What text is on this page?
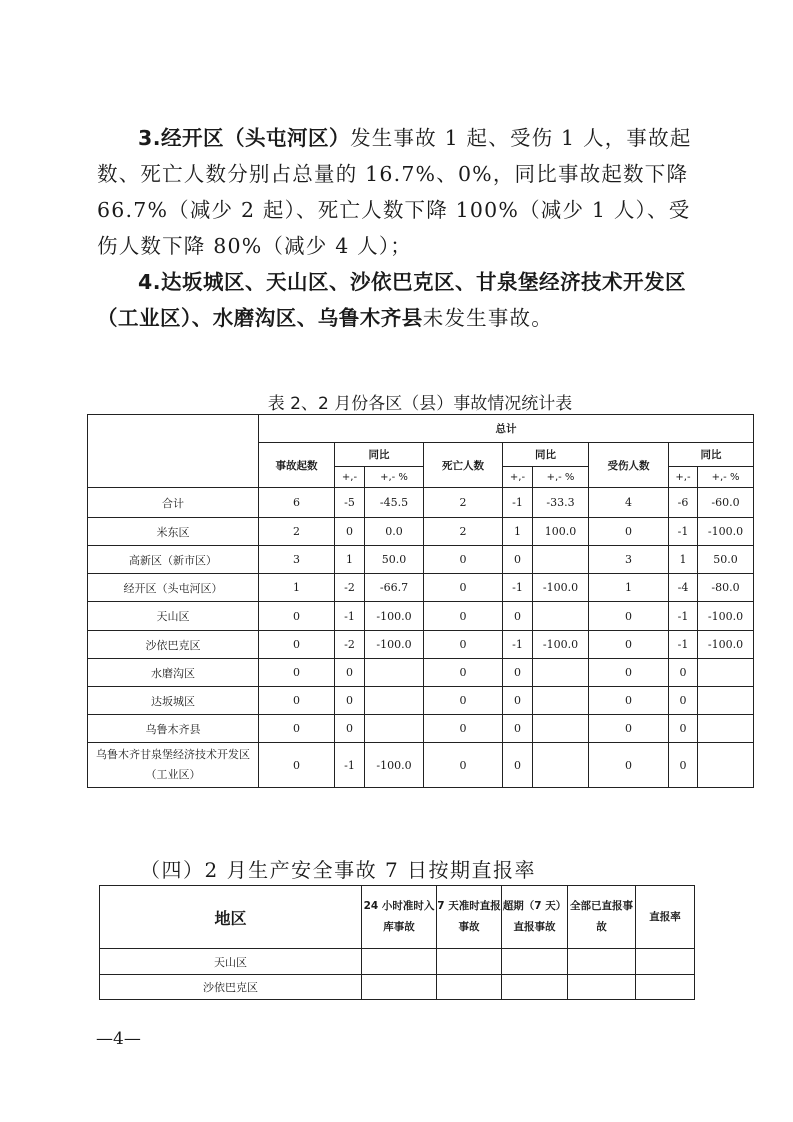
3.经开区（头屯河区）发生事故 1 起、受伤 1 人，事故起数、死亡人数分别占总量的 16.7%、0%，同比事故起数下降 66.7%（减少 2 起）、死亡人数下降 100%（减少 1 人）、受伤人数下降 80%（减少 4 人）；
4.达坂城区、天山区、沙依巴克区、甘泉堡经济技术开发区（工业区）、水磨沟区、乌鲁木齐县未发生事故。
表 2、2 月份各区（县）事故情况统计表
	总计								
	事故起数	同比		死亡人数	同比		受伤人数	同比	
		+,-	+,- %		+,-	+,- %		+,-	+,- %
合计	6	-5	-45.5	2	-1	-33.3	4	-6	-60.0
米东区	2	0	0.0	2	1	100.0	0	-1	-100.0
高新区（新市区）	3	1	50.0	0	0		3	1	50.0
经开区（头屯河区）	1	-2	-66.7	0	-1	-100.0	1	-4	-80.0
天山区	0	-1	-100.0	0	0		0	-1	-100.0
沙依巴克区	0	-2	-100.0	0	-1	-100.0	0	-1	-100.0
水磨沟区	0	0		0	0		0	0	
达坂城区	0	0		0	0		0	0	
乌鲁木齐县	0	0		0	0		0	0	
乌鲁木齐甘泉堡经济技术开发区（工业区）	0	-1	-100.0	0	0		0	0	
（四）2 月生产安全事故 7 日按期直报率
地区	24 小时准时入库事故	7 天准时直报事故	超期（7 天）直报事故	全部已直报事故	直报率
天山区					
沙依巴克区					
—4—
